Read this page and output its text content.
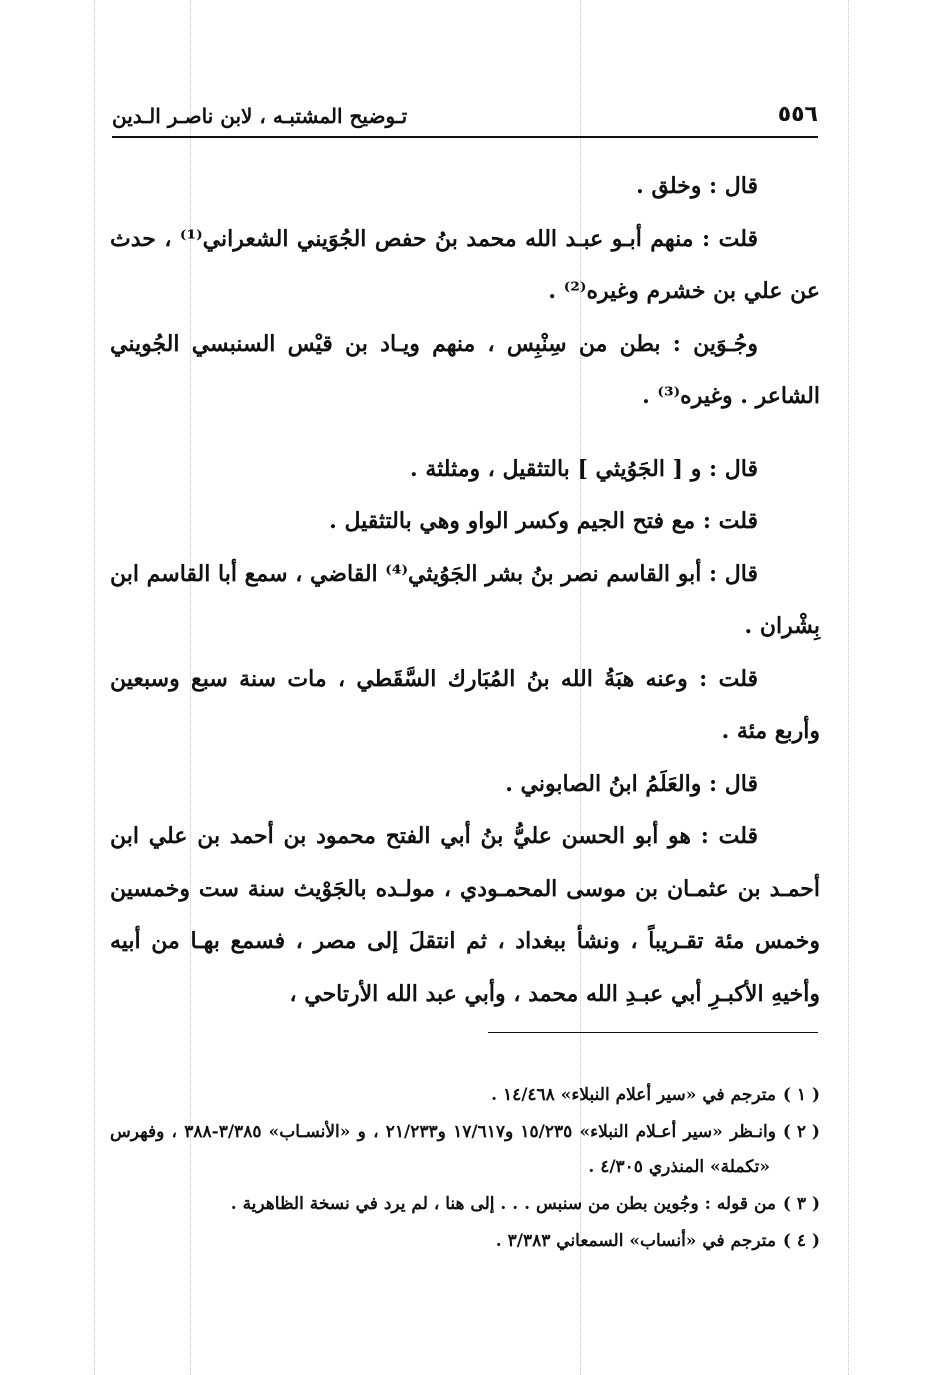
٥٥٦
تـوضيح المشتبـه ، لابن ناصـر الـدين

قال : وخلق .

قلت : منهم أبـو عبـد الله محمد بنُ حفص الجُوَيني الشعراني⁽¹⁾ ، حدث عن علي بن خشرم وغيره⁽²⁾ .

وجُـوَين : بطن من سِنْبِس ، منهم ويـاد بن قيْس السنبسي الجُويني الشاعر . وغيره⁽³⁾ .

قال : و [ الجَوُيثي ] بالتثقيل ، ومثلثة .

قلت : مع فتح الجيم وكسر الواو وهي بالتثقيل .

قال : أبو القاسم نصر بنُ بشر الجَوُيثي⁽⁴⁾ القاضي ، سمع أبا القاسم ابن بِشْران .

قلت : وعنه هبَةُ الله بنُ المُبَارك السَّقَطي ، مات سنة سبع وسبعين وأربع مئة .

قال : والعَلَمُ ابنُ الصابوني .

قلت : هو أبو الحسن عليُّ بنُ أبي الفتح محمود بن أحمد بن علي ابن أحمـد بن عثمـان بن موسى المحمـودي ، مولـده بالجَوْيث سنة ست وخمسين وخمس مئة تقـريباً ، ونشأ ببغداد ، ثم انتقلَ إلى مصر ، فسمع بهـا من أبيه وأخيهِ الأكبـرِ أبي عبـدِ الله محمد ، وأبي عبد الله الأرتاحي ،

( ١ )مترجم في «سير أعلام النبلاء» ١٤/٤٦٨ .

( ٢ )وانـظر «سير أعـلام النبلاء» ١٥/٢٣٥ و١٧/٦١٧ و٢١/٢٣٣ ، و «الأنسـاب» ٣/٣٨٥-٣٨٨ ، وفهرس «تكملة» المنذري ٤/٣٠٥ .

( ٣ )من قوله : وجُوين بطن من سنبس . . . إلى هنا ، لم يرد في نسخة الظاهرية .

( ٤ )مترجم في «أنساب» السمعاني ٣/٣٨٣ .
